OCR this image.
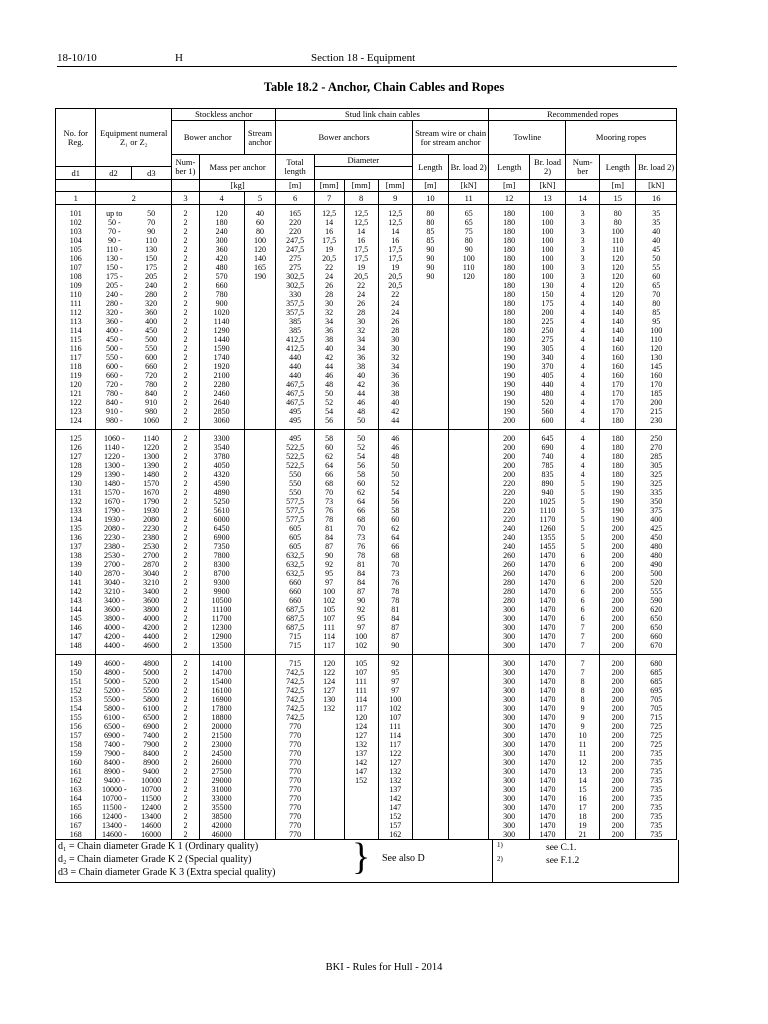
18-10/10	H	Section 18 - Equipment
Table 18.2 - Anchor, Chain Cables and Ropes
No. for Reg.	Equipment numeral Z₁ or Z₂		Stockless anchor			Stud link chain cables						Recommended ropes				
			Bower anchor		Stream anchor	Bower anchors				Stream wire or chain for stream anchor		Towline		Mooring ropes		
			Num- ber 1)	Mass per anchor		Total length	Diameter			Length	Br. load 2)	Length	Br. load 2)	Num- ber	Length	Br. load 2)
d1	d2	d3														
				[kg]		[m]	[mm]	[mm]	[mm]	[m]	[kN]	[m]	[kN]		[m]	[kN]
1	2		3	4	5	6	7	8	9	10	11	12	13	14	15	16
101	up to	50	2	120	40	165	12,5	12,5	12,5	80	65	180	100	3	80	35
102	50 -	70	2	180	60	220	14	12,5	12,5	80	65	180	100	3	80	35
103	70 -	90	2	240	80	220	16	14	14	85	75	180	100	3	100	40
104	90 -	110	2	300	100	247,5	17,5	16	16	85	80	180	100	3	110	40
105	110 -	130	2	360	120	247,5	19	17,5	17,5	90	90	180	100	3	110	45
106	130 -	150	2	420	140	275	20,5	17,5	17,5	90	100	180	100	3	120	50
107	150 -	175	2	480	165	275	22	19	19	90	110	180	100	3	120	55
108	175 -	205	2	570	190	302,5	24	20,5	20,5	90	120	180	100	3	120	60
109	205 -	240	2	660		302,5	26	22	20,5			180	130	4	120	65
110	240 -	280	2	780		330	28	24	22			180	150	4	120	70
111	280 -	320	2	900		357,5	30	26	24			180	175	4	140	80
112	320 -	360	2	1020		357,5	32	28	24			180	200	4	140	85
113	360 -	400	2	1140		385	34	30	26			180	225	4	140	95
114	400 -	450	2	1290		385	36	32	28			180	250	4	140	100
115	450 -	500	2	1440		412,5	38	34	30			180	275	4	140	110
116	500 -	550	2	1590		412,5	40	34	30			190	305	4	160	120
117	550 -	600	2	1740		440	42	36	32			190	340	4	160	130
118	600 -	660	2	1920		440	44	38	34			190	370	4	160	145
119	660 -	720	2	2100		440	46	40	36			190	405	4	160	160
120	720 -	780	2	2280		467,5	48	42	36			190	440	4	170	170
121	780 -	840	2	2460		467,5	50	44	38			190	480	4	170	185
122	840 -	910	2	2640		467,5	52	46	40			190	520	4	170	200
123	910 -	980	2	2850		495	54	48	42			190	560	4	170	215
124	980 -	1060	2	3060		495	56	50	44			200	600	4	180	230
125	1060 -	1140	2	3300		495	58	50	46			200	645	4	180	250
126	1140 -	1220	2	3540		522,5	60	52	46			200	690	4	180	270
127	1220 -	1300	2	3780		522,5	62	54	48			200	740	4	180	285
128	1300 -	1390	2	4050		522,5	64	56	50			200	785	4	180	305
129	1390 -	1480	2	4320		550	66	58	50			200	835	4	180	325
130	1480 -	1570	2	4590		550	68	60	52			220	890	5	190	325
131	1570 -	1670	2	4890		550	70	62	54			220	940	5	190	335
132	1670 -	1790	2	5250		577,5	73	64	56			220	1025	5	190	350
133	1790 -	1930	2	5610		577,5	76	66	58			220	1110	5	190	375
134	1930 -	2080	2	6000		577,5	78	68	60			220	1170	5	190	400
135	2080 -	2230	2	6450		605	81	70	62			240	1260	5	200	425
136	2230 -	2380	2	6900		605	84	73	64			240	1355	5	200	450
137	2380 -	2530	2	7350		605	87	76	66			240	1455	5	200	480
138	2530 -	2700	2	7800		632,5	90	78	68			260	1470	6	200	480
139	2700 -	2870	2	8300		632,5	92	81	70			260	1470	6	200	490
140	2870 -	3040	2	8700		632,5	95	84	73			260	1470	6	200	500
141	3040 -	3210	2	9300		660	97	84	76			280	1470	6	200	520
142	3210 -	3400	2	9900		660	100	87	78			280	1470	6	200	555
143	3400 -	3600	2	10500		660	102	90	78			280	1470	6	200	590
144	3600 -	3800	2	11100		687,5	105	92	81			300	1470	6	200	620
145	3800 -	4000	2	11700		687,5	107	95	84			300	1470	6	200	650
146	4000 -	4200	2	12300		687,5	111	97	87			300	1470	7	200	650
147	4200 -	4400	2	12900		715	114	100	87			300	1470	7	200	660
148	4400 -	4600	2	13500		715	117	102	90			300	1470	7	200	670
149	4600 -	4800	2	14100		715	120	105	92			300	1470	7	200	680
150	4800 -	5000	2	14700		742,5	122	107	95			300	1470	7	200	685
151	5000 -	5200	2	15400		742,5	124	111	97			300	1470	8	200	685
152	5200 -	5500	2	16100		742,5	127	111	97			300	1470	8	200	695
153	5500 -	5800	2	16900		742,5	130	114	100			300	1470	8	200	705
154	5800 -	6100	2	17800		742,5	132	117	102			300	1470	9	200	705
155	6100 -	6500	2	18800		742,5		120	107			300	1470	9	200	715
156	6500 -	6900	2	20000		770		124	111			300	1470	9	200	725
157	6900 -	7400	2	21500		770		127	114			300	1470	10	200	725
158	7400 -	7900	2	23000		770		132	117			300	1470	11	200	725
159	7900 -	8400	2	24500		770		137	122			300	1470	11	200	735
160	8400 -	8900	2	26000		770		142	127			300	1470	12	200	735
161	8900 -	9400	2	27500		770		147	132			300	1470	13	200	735
162	9400 -	10000	2	29000		770		152	132			300	1470	14	200	735
163	10000 -	10700	2	31000		770			137			300	1470	15	200	735
164	10700 -	11500	2	33000		770			142			300	1470	16	200	735
165	11500 -	12400	2	35500		770			147			300	1470	17	200	735
166	12400 -	13400	2	38500		770			152			300	1470	18	200	735
167	13400 -	14600	2	42000		770			157			300	1470	19	200	735
168	14600 -	16000	2	46000		770			162			300	1470	21	200	735
d₁ = Chain diameter Grade K 1 (Ordinary quality)
d₂ = Chain diameter Grade K 2 (Special quality)
d3 = Chain diameter Grade K 3 (Extra special quality) } See also D
1)	see C.1.
2)	see F.1.2
BKI - Rules for Hull - 2014
